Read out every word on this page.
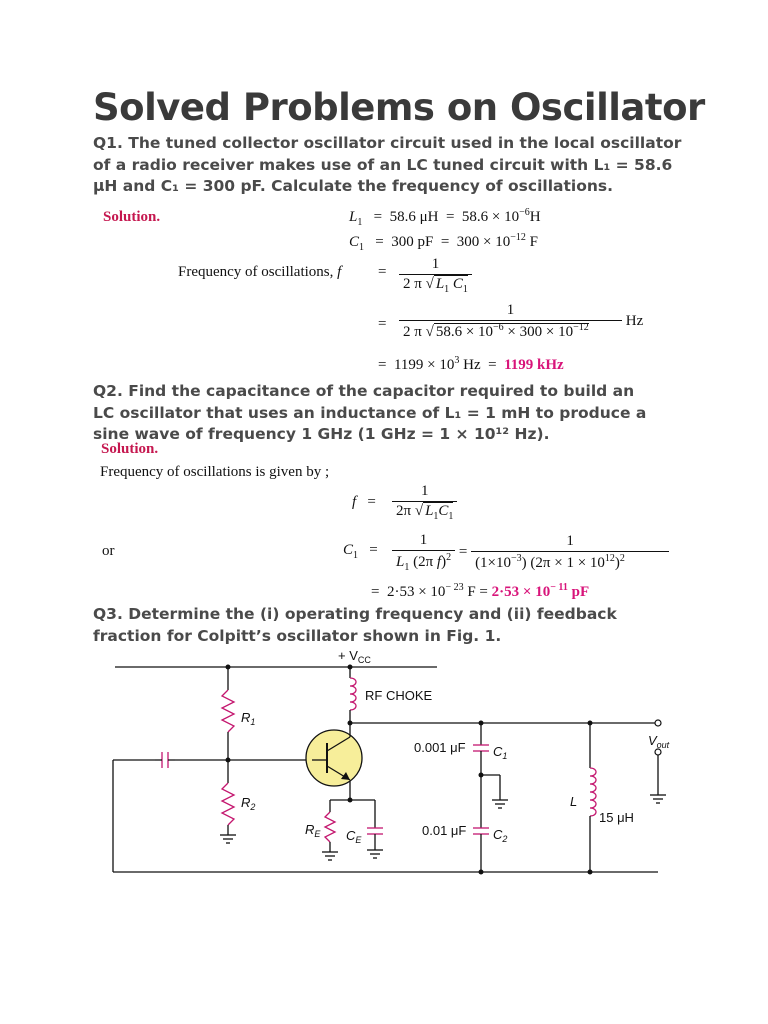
Solved Problems on Oscillator
Q1. The tuned collector oscillator circuit used in the local oscillator of a radio receiver makes use of an LC tuned circuit with L₁ = 58.6 μH and C₁ = 300 pF. Calculate the frequency of oscillations.
Solution.	$L_1 = 58.6$ $\mu H = 58.6 \times 10^{-6}H$
$C_1 = 300$ pF  =  $300 \times 10^{-12}$ F
Frequency of oscillations, $f = \frac{1}{2 \pi √ L_1 C_1}$
= $\frac{1}{2 \pi √ 58.6 \times 10^{-6} \times 300 \times 10^{-12}}$ Hz
=  $1199 \times 10^3$ Hz  =  1199 kHz
Q2. Find the capacitance of the capacitor required to build an LC oscillator that uses an inductance of L₁ = 1 mH to produce a sine wave of frequency 1 GHz (1 GHz = 1 × 10¹² Hz).
Solution.
Frequency of oscillations is given by ;
$f = \frac{1}{2\pi √ L_1C_1}$
or	$C_1 = \frac{1}{L_1 (2\pi f)^2} = \frac{1}{(1\times 10^{-3}) (2\pi \times 1 \times 10^{12})^2}$
=  $2\cdot 53 \times 10^{- 23}$ $F = 2\cdot 53 \times 10^{- 11}$ pF
Q3. Determine the (i) operating frequency and (ii) feedback fraction for Colpitt’s oscillator shown in Fig. 1.
+ $V_{CC}$
RF CHOKE
$R_1$
$R_2$
$R_E$ $C_E$
0.001 μF $C_1$
0.01 μF $C_2$
L
15 μH
$V_{out}$
